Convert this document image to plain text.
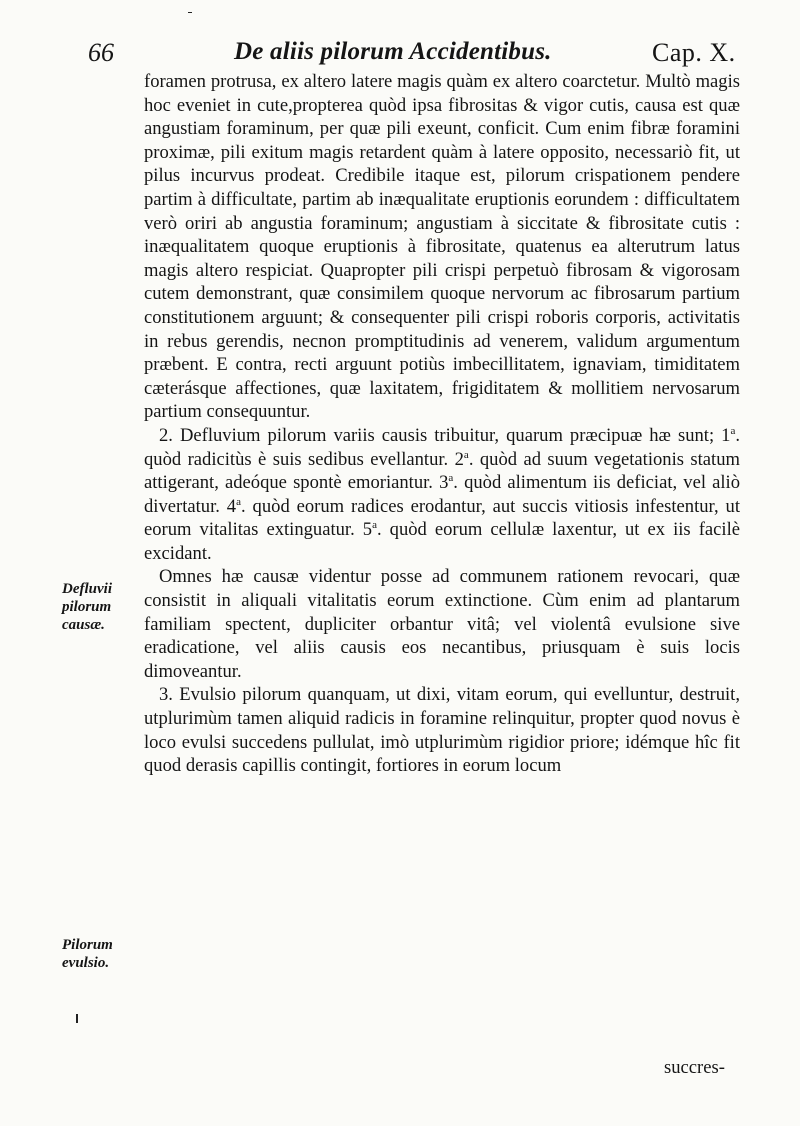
66	De aliis pilorum Accidentibus.	Cap. X.
Defluvii
pilorum
causæ.
Pilorum
evulsio.

foramen protrusa, ex altero latere magis quàm ex altero coarctetur. Multò magis hoc eveniet in cute,propterea quòd ipsa fibrositas & vigor cutis, causa est quæ angustiam foraminum, per quæ pili exeunt, conficit. Cum enim fibræ foramini proximæ, pili exitum magis retardent quàm à latere opposito, necessariò fit, ut pilus incurvus prodeat. Credibile itaque est, pilorum crispationem pendere partim à difficultate, partim ab inæqualitate eruptionis eorundem : difficultatem verò oriri ab angustia foraminum; angustiam à siccitate & fibrositate cutis : inæqualitatem quoque eruptionis à fibrositate, quatenus ea alterutrum latus magis altero respiciat. Quapropter pili crispi perpetuò fibrosam & vigorosam cutem demonstrant, quæ consimilem quoque nervorum ac fibrosarum partium constitutionem arguunt; & consequenter pili crispi roboris corporis, activitatis in rebus gerendis, necnon promptitudinis ad venerem, validum argumentum præbent. E contra, recti arguunt potiùs imbecillitatem, ignaviam, timiditatem cæterásque affectiones, quæ laxitatem, frigiditatem & mollitiem nervosarum partium consequuntur.

2. Defluvium pilorum variis causis tribuitur, quarum præcipuæ hæ sunt; 1$^a$. quòd radicitùs è suis sedibus evellantur. 2$^a$. quòd ad suum vegetationis statum attigerant, adeóque spontè emoriantur. 3$^a$. quòd alimentum iis deficiat, vel aliò divertatur. 4$^a$. quòd eorum radices erodantur, aut succis vitiosis infestentur, ut eorum vitalitas extinguatur. 5$^a$. quòd eorum cellulæ laxentur, ut ex iis facilè excidant.

Omnes hæ causæ videntur posse ad communem rationem revocari, quæ consistit in aliquali vitalitatis eorum extinctione. Cùm enim ad plantarum familiam spectent, dupliciter orbantur vitâ; vel violentâ evulsione sive eradicatione, vel aliis causis eos necantibus, priusquam è suis locis dimoveantur.

3. Evulsio pilorum quanquam, ut dixi, vitam eorum, qui evelluntur, destruit, utplurimùm tamen aliquid radicis in foramine relinquitur, propter quod novus è loco evulsi succedens pullulat, imò utplurimùm rigidior priore; idémque hîc fit quod derasis capillis contingit, fortiores in eorum locum

succres-
